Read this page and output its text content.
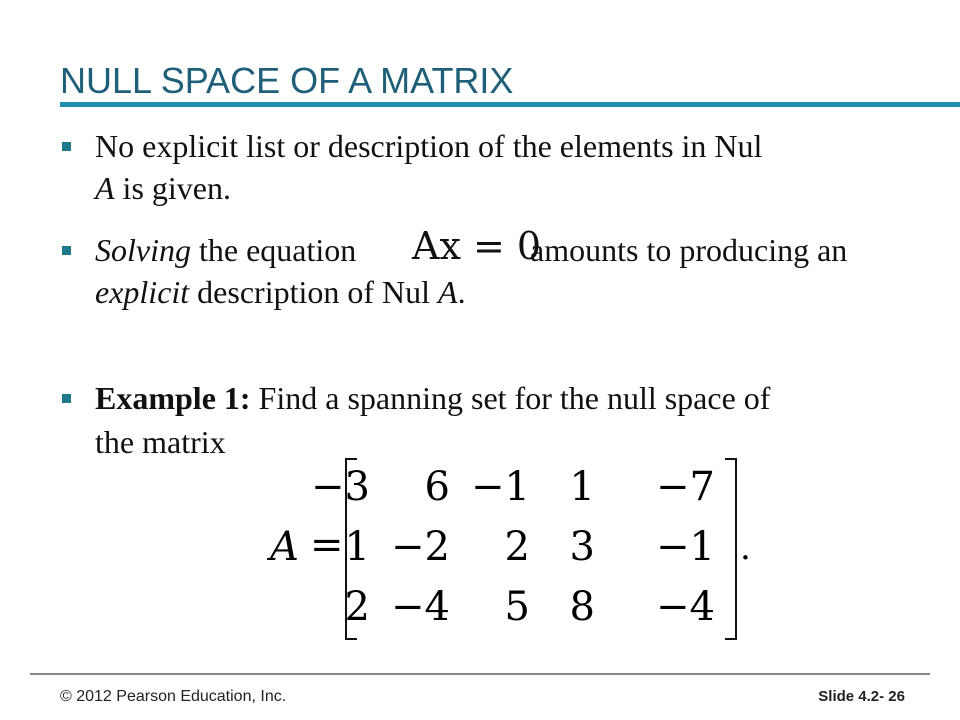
NULL SPACE OF A MATRIX
No explicit list or description of the elements in Nul
A is given.
Solving the equation Ax = 0
amounts to producing an
explicit description of Nul A.
Example 1: Find a spanning set for the null space of
the matrix
A =
−3	6 −1 1 −7
1 −2	2 3 −1
2 −4	5 8 −4
.
© 2012 Pearson Education, Inc.	Slide 4.2- 26
